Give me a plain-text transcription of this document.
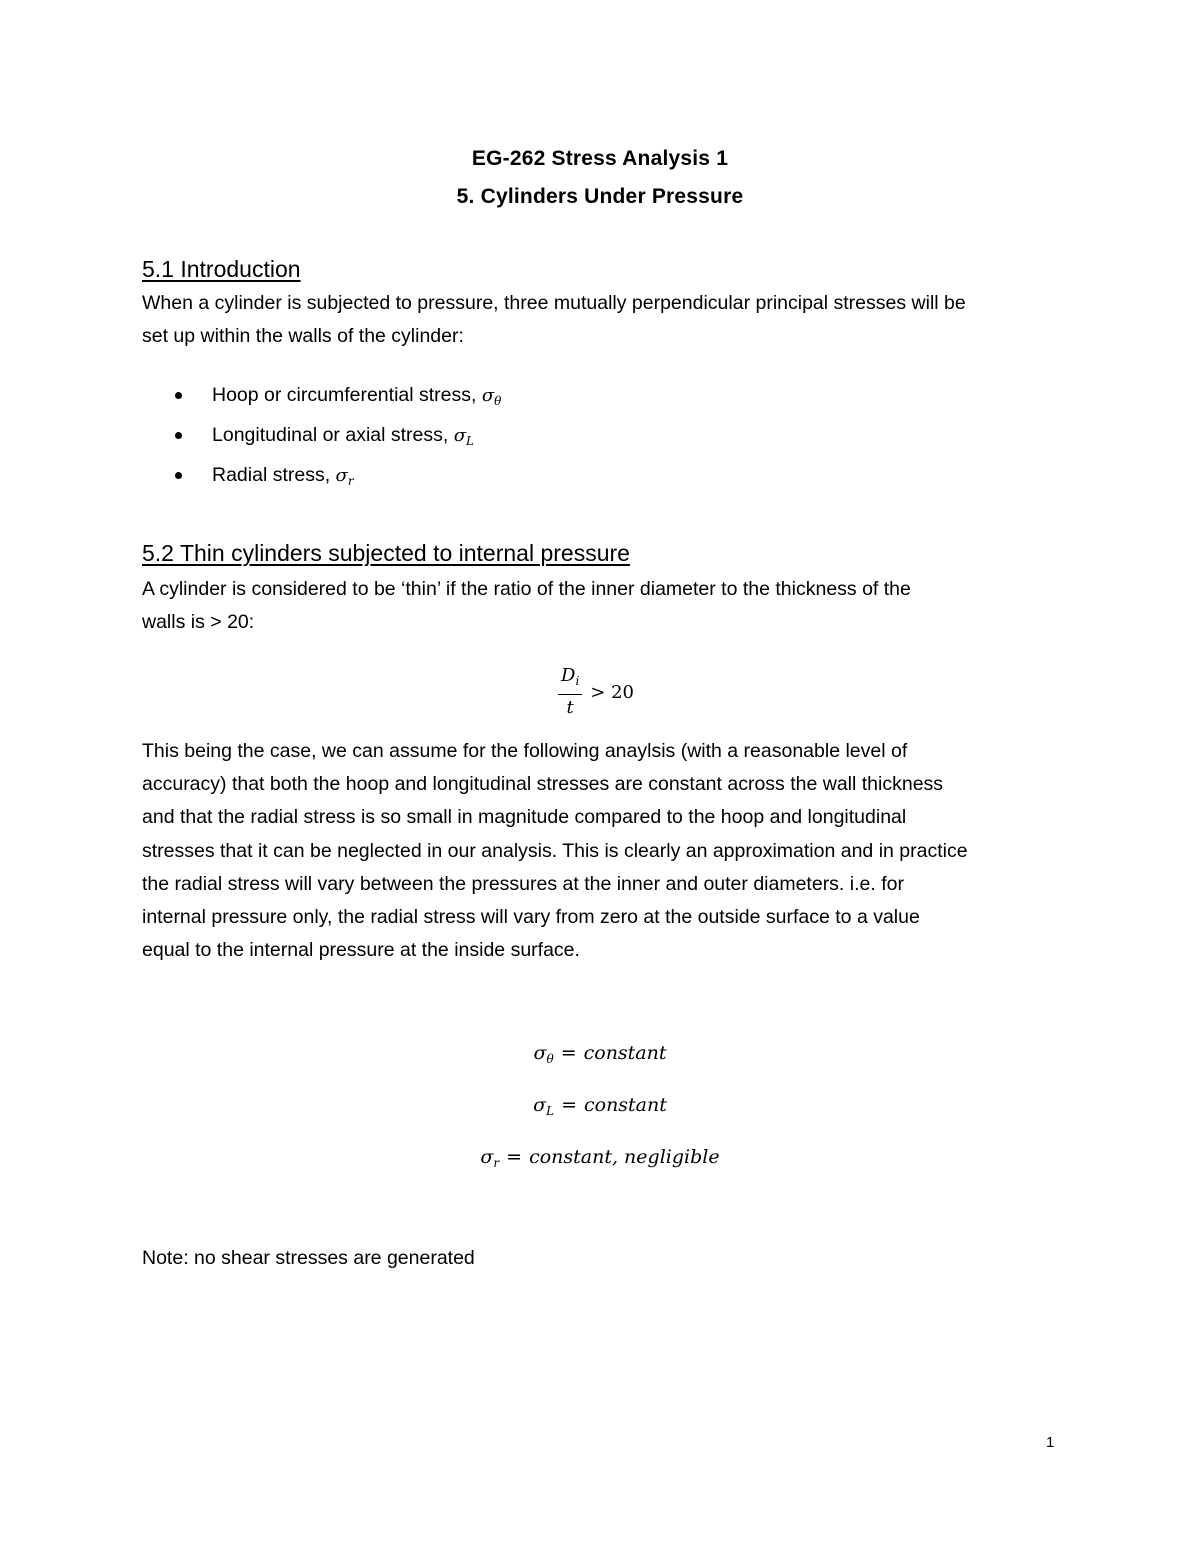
EG-262 Stress Analysis 1
5. Cylinders Under Pressure
5.1 Introduction

When a cylinder is subjected to pressure, three mutually perpendicular principal stresses will be
set up within the walls of the cylinder:

Hoop or circumferential stress, $\sigma_\theta$
Longitudinal or axial stress, $\sigma_L$
Radial stress, $\sigma_r$
5.2 Thin cylinders subjected to internal pressure

A cylinder is considered to be ‘thin’ if the ratio of the inner diameter to the thickness of the
walls is > 20:

$\frac{D_i}{t} > 20$

This being the case, we can assume for the following anaylsis (with a reasonable level of
accuracy) that both the hoop and longitudinal stresses are constant across the wall thickness
and that the radial stress is so small in magnitude compared to the hoop and longitudinal
stresses that it can be neglected in our analysis. This is clearly an approximation and in practice
the radial stress will vary between the pressures at the inner and outer diameters. i.e. for
internal pressure only, the radial stress will vary from zero at the outside surface to a value
equal to the internal pressure at the inside surface.

$\sigma_\theta$ = constant
$\sigma_L$ = constant
$\sigma_r$ = constant, negligible
Note: no shear stresses are generated
1
